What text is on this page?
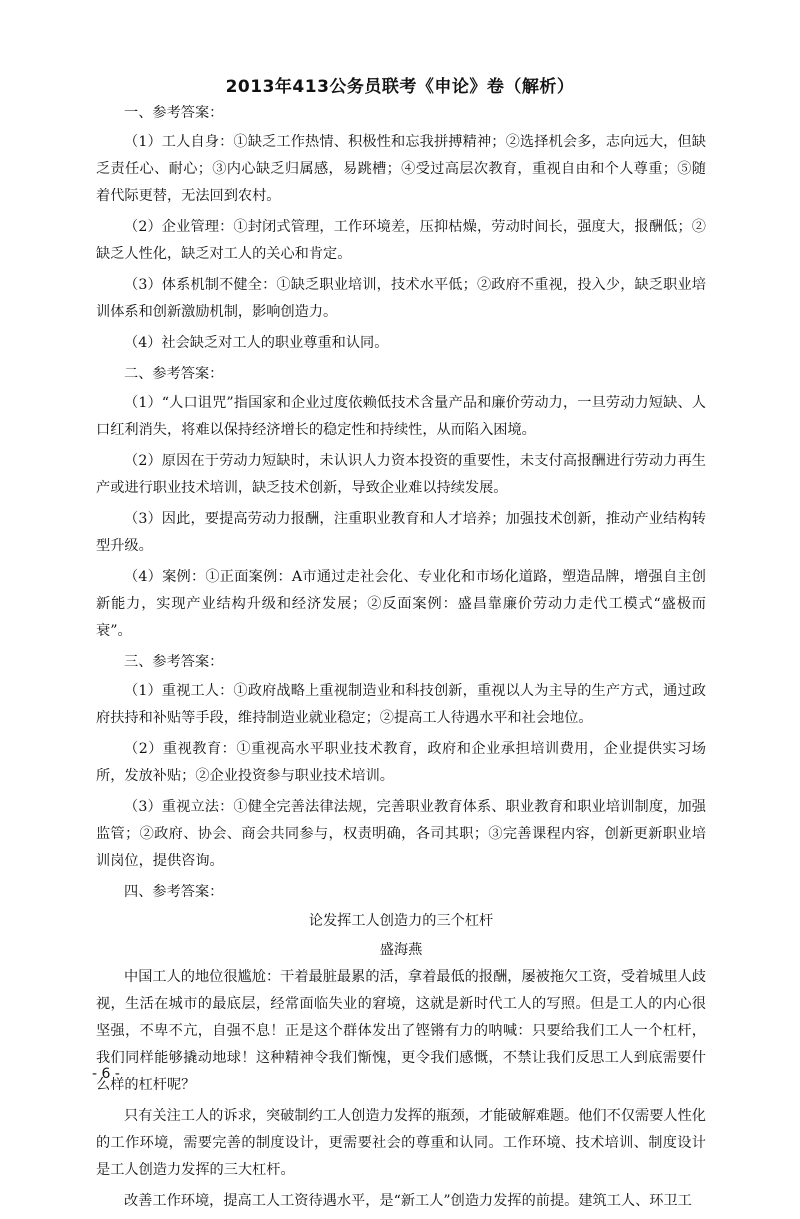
2013年413公务员联考《申论》卷（解析）

一、参考答案：

（1）工人自身：①缺乏工作热情、积极性和忘我拼搏精神；②选择机会多，志向远大，但缺乏责任心、耐心；③内心缺乏归属感，易跳槽；④受过高层次教育，重视自由和个人尊重；⑤随着代际更替，无法回到农村。

（2）企业管理：①封闭式管理，工作环境差，压抑枯燥，劳动时间长，强度大，报酬低；②缺乏人性化，缺乏对工人的关心和肯定。

（3）体系机制不健全：①缺乏职业培训，技术水平低；②政府不重视，投入少，缺乏职业培训体系和创新激励机制，影响创造力。

（4）社会缺乏对工人的职业尊重和认同。

二、参考答案：

（1）“人口诅咒”指国家和企业过度依赖低技术含量产品和廉价劳动力，一旦劳动力短缺、人口红利消失，将难以保持经济增长的稳定性和持续性，从而陷入困境。

（2）原因在于劳动力短缺时，未认识人力资本投资的重要性，未支付高报酬进行劳动力再生产或进行职业技术培训，缺乏技术创新，导致企业难以持续发展。

（3）因此，要提高劳动力报酬，注重职业教育和人才培养；加强技术创新，推动产业结构转型升级。

（4）案例：①正面案例：A市通过走社会化、专业化和市场化道路，塑造品牌，增强自主创新能力，实现产业结构升级和经济发展；②反面案例：盛昌靠廉价劳动力走代工模式“盛极而衰”。

三、参考答案：

（1）重视工人：①政府战略上重视制造业和科技创新，重视以人为主导的生产方式，通过政府扶持和补贴等手段，维持制造业就业稳定；②提高工人待遇水平和社会地位。

（2）重视教育：①重视高水平职业技术教育，政府和企业承担培训费用，企业提供实习场所，发放补贴；②企业投资参与职业技术培训。

（3）重视立法：①健全完善法律法规，完善职业教育体系、职业教育和职业培训制度，加强监管；②政府、协会、商会共同参与，权责明确，各司其职；③完善课程内容，创新更新职业培训岗位，提供咨询。

四、参考答案：

论发挥工人创造力的三个杠杆

盛海燕

中国工人的地位很尴尬：干着最脏最累的活，拿着最低的报酬，屡被拖欠工资，受着城里人歧视，生活在城市的最底层，经常面临失业的窘境，这就是新时代工人的写照。但是工人的内心很坚强，不卑不亢，自强不息！正是这个群体发出了铿锵有力的呐喊：只要给我们工人一个杠杆，我们同样能够撬动地球！这种精神令我们惭愧，更令我们感慨，不禁让我们反思工人到底需要什么样的杠杆呢？

只有关注工人的诉求，突破制约工人创造力发挥的瓶颈，才能破解难题。他们不仅需要人性化的工作环境，需要完善的制度设计，更需要社会的尊重和认同。工作环境、技术培训、制度设计是工人创造力发挥的三大杠杆。

改善工作环境，提高工人工资待遇水平，是“新工人”创造力发挥的前提。建筑工人、环卫工

- 6 -
